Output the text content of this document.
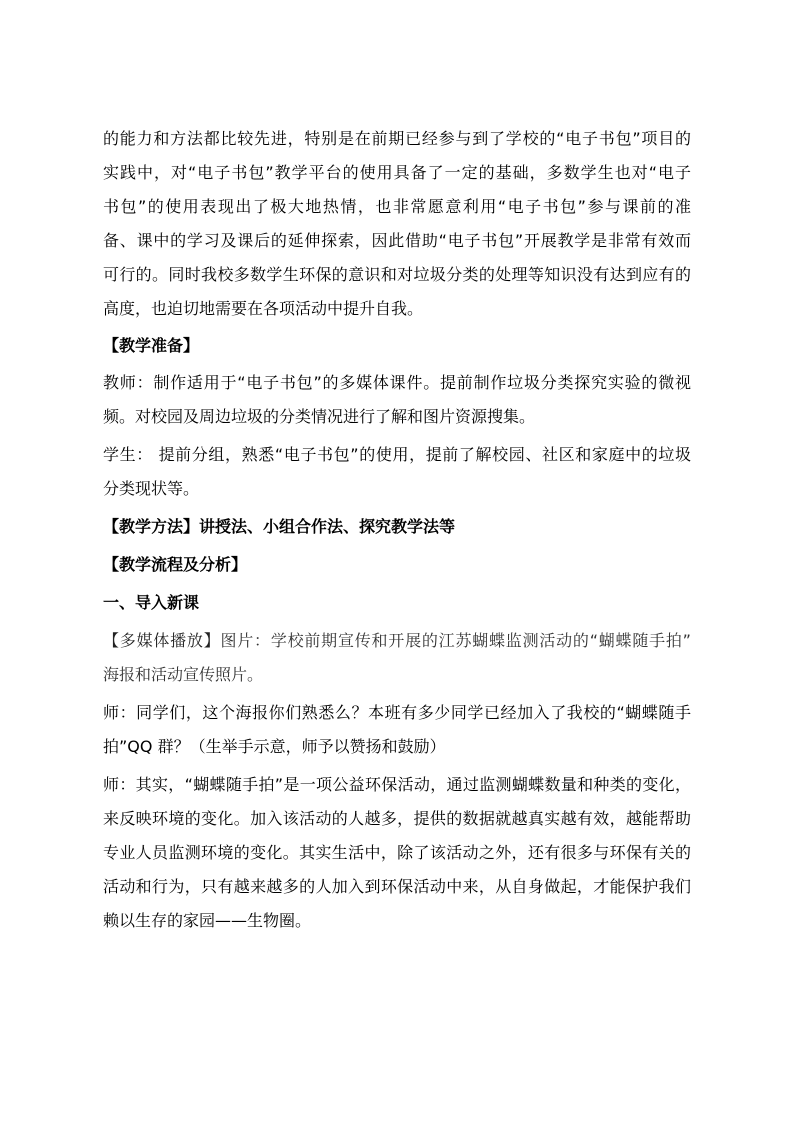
的能力和方法都比较先进，特别是在前期已经参与到了学校的“电子书包”项目的
实践中，对“电子书包”教学平台的使用具备了一定的基础，多数学生也对“电子
书包”的使用表现出了极大地热情，也非常愿意利用“电子书包”参与课前的准
备、课中的学习及课后的延伸探索，因此借助“电子书包”开展教学是非常有效而
可行的。同时我校多数学生环保的意识和对垃圾分类的处理等知识没有达到应有的
高度，也迫切地需要在各项活动中提升自我。
【教学准备】
教师：制作适用于“电子书包”的多媒体课件。提前制作垃圾分类探究实验的微视
频。对校园及周边垃圾的分类情况进行了解和图片资源搜集。
学生： 提前分组，熟悉“电子书包”的使用，提前了解校园、社区和家庭中的垃圾
分类现状等。
【教学方法】讲授法、小组合作法、探究教学法等
【教学流程及分析】
一、导入新课
【多媒体播放】图片：学校前期宣传和开展的江苏蝴蝶监测活动的“蝴蝶随手拍”
海报和活动宣传照片。
师：同学们，这个海报你们熟悉么？本班有多少同学已经加入了我校的“蝴蝶随手
拍”QQ 群？（生举手示意，师予以赞扬和鼓励）
师：其实，“蝴蝶随手拍”是一项公益环保活动，通过监测蝴蝶数量和种类的变化，
来反映环境的变化。加入该活动的人越多，提供的数据就越真实越有效，越能帮助
专业人员监测环境的变化。其实生活中，除了该活动之外，还有很多与环保有关的
活动和行为，只有越来越多的人加入到环保活动中来，从自身做起，才能保护我们
赖以生存的家园——生物圈。
